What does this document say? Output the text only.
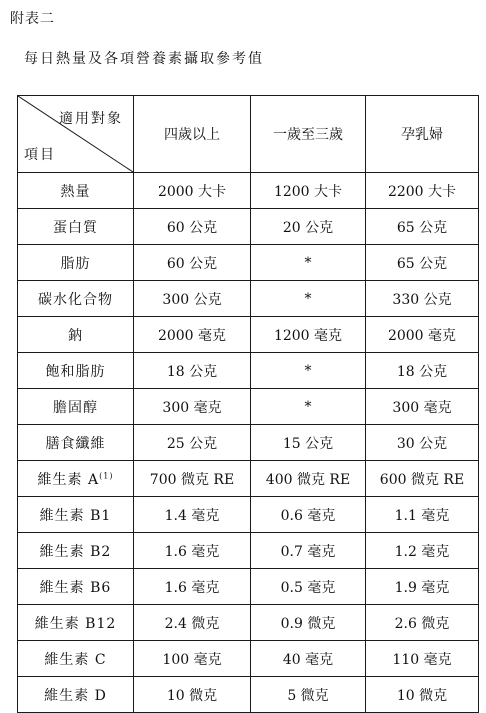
附表二
每日熱量及各項營養素攝取參考值
適用對象
項目	四歲以上	一歲至三歲	孕乳婦
熱量	2000 大卡	1200 大卡	2200 大卡
蛋白質	60 公克	20 公克	65 公克
脂肪	60 公克	*	65 公克
碳水化合物	300 公克	*	330 公克
鈉	2000 毫克	1200 毫克	2000 毫克
飽和脂肪	18 公克	*	18 公克
膽固醇	300 毫克	*	300 毫克
膳食纖維	25 公克	15 公克	30 公克
維生素 A$^{(1)}$	700 微克 RE	400 微克 RE	600 微克 RE
維生素 B1	1.4 毫克	0.6 毫克	1.1 毫克
維生素 B2	1.6 毫克	0.7 毫克	1.2 毫克
維生素 B6	1.6 毫克	0.5 毫克	1.9 毫克
維生素 B12	2.4 微克	0.9 微克	2.6 微克
維生素 C	100 毫克	40 毫克	110 毫克
維生素 D	10 微克	5 微克	10 微克
